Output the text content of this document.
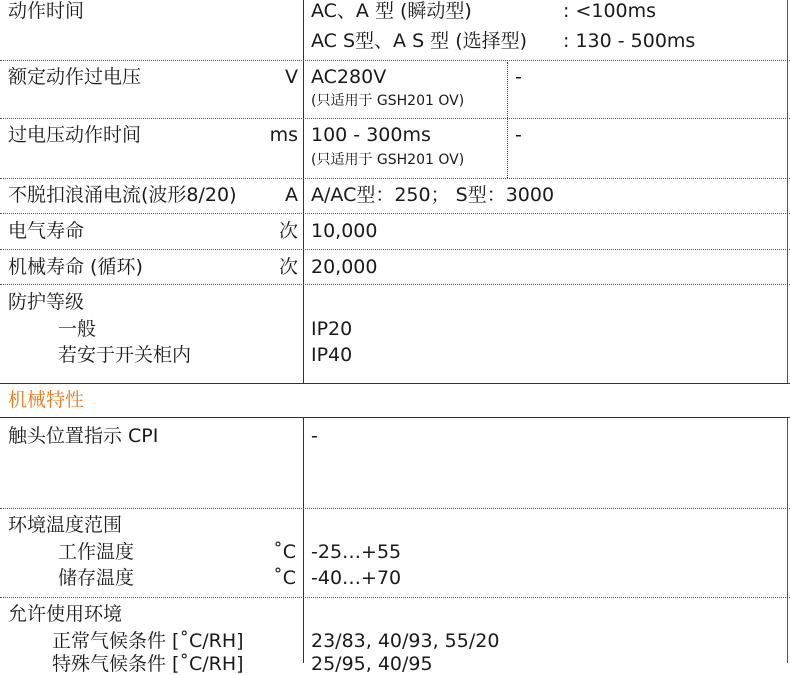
动作时间	AC、A 型 (瞬动型)	: <100ms
AC S型、A S 型 (选择型) : 130 - 500ms
额定动作过电压	V AC280V
(只适用于 GSH201 OV)
-
过电压动作时间	ms 100 - 300ms
(只适用于 GSH201 OV)
-
不脱扣浪涌电流(波形8/20)	A A/AC型：250； S型：3000
电气寿命	次 10,000
机械寿命 (循环)	次 20,000
防护等级
一般	IP20
若安于开关柜内	IP40
机械特性
触头位置指示 CPI	-
环境温度范围
工作温度	˚C -25…+55
储存温度	˚C -40…+70
允许使用环境
正常气候条件 [˚C/RH]	23/83, 40/93, 55/20
特殊气候条件 [˚C/RH]	25/95, 40/95
